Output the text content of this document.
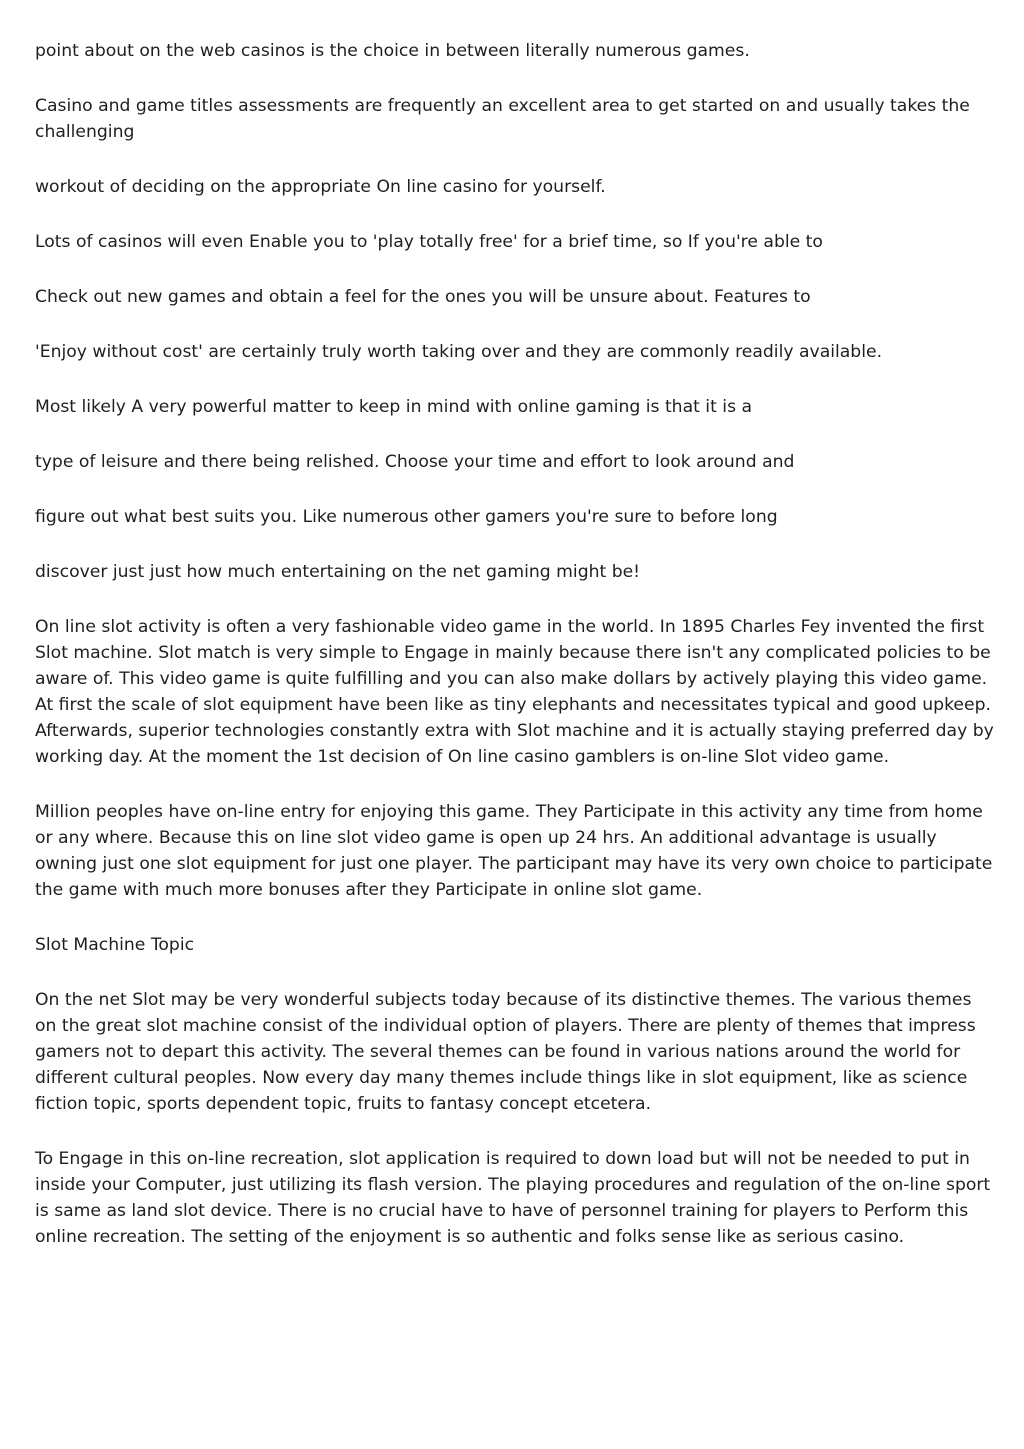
point about on the web casinos is the choice in between literally numerous games.

Casino and game titles assessments are frequently an excellent area to get started on and usually takes the challenging

workout of deciding on the appropriate On line casino for yourself.

Lots of casinos will even Enable you to 'play totally free' for a brief time, so If you're able to

Check out new games and obtain a feel for the ones you will be unsure about. Features to

'Enjoy without cost' are certainly truly worth taking over and they are commonly readily available.

Most likely A very powerful matter to keep in mind with online gaming is that it is a

type of leisure and there being relished. Choose your time and effort to look around and

figure out what best suits you. Like numerous other gamers you're sure to before long

discover just just how much entertaining on the net gaming might be!

On line slot activity is often a very fashionable video game in the world. In 1895 Charles Fey invented the first Slot machine. Slot match is very simple to Engage in mainly because there isn't any complicated policies to be aware of. This video game is quite fulfilling and you can also make dollars by actively playing this video game. At first the scale of slot equipment have been like as tiny elephants and necessitates typical and good upkeep. Afterwards, superior technologies constantly extra with Slot machine and it is actually staying preferred day by working day. At the moment the 1st decision of On line casino gamblers is on-line Slot video game.

Million peoples have on-line entry for enjoying this game. They Participate in this activity any time from home or any where. Because this on line slot video game is open up 24 hrs. An additional advantage is usually owning just one slot equipment for just one player. The participant may have its very own choice to participate the game with much more bonuses after they Participate in online slot game.

Slot Machine Topic

On the net Slot may be very wonderful subjects today because of its distinctive themes. The various themes on the great slot machine consist of the individual option of players. There are plenty of themes that impress gamers not to depart this activity. The several themes can be found in various nations around the world for different cultural peoples. Now every day many themes include things like in slot equipment, like as science fiction topic, sports dependent topic, fruits to fantasy concept etcetera.

To Engage in this on-line recreation, slot application is required to down load but will not be needed to put in inside your Computer, just utilizing its flash version. The playing procedures and regulation of the on-line sport is same as land slot device. There is no crucial have to have of personnel training for players to Perform this online recreation. The setting of the enjoyment is so authentic and folks sense like as serious casino.
